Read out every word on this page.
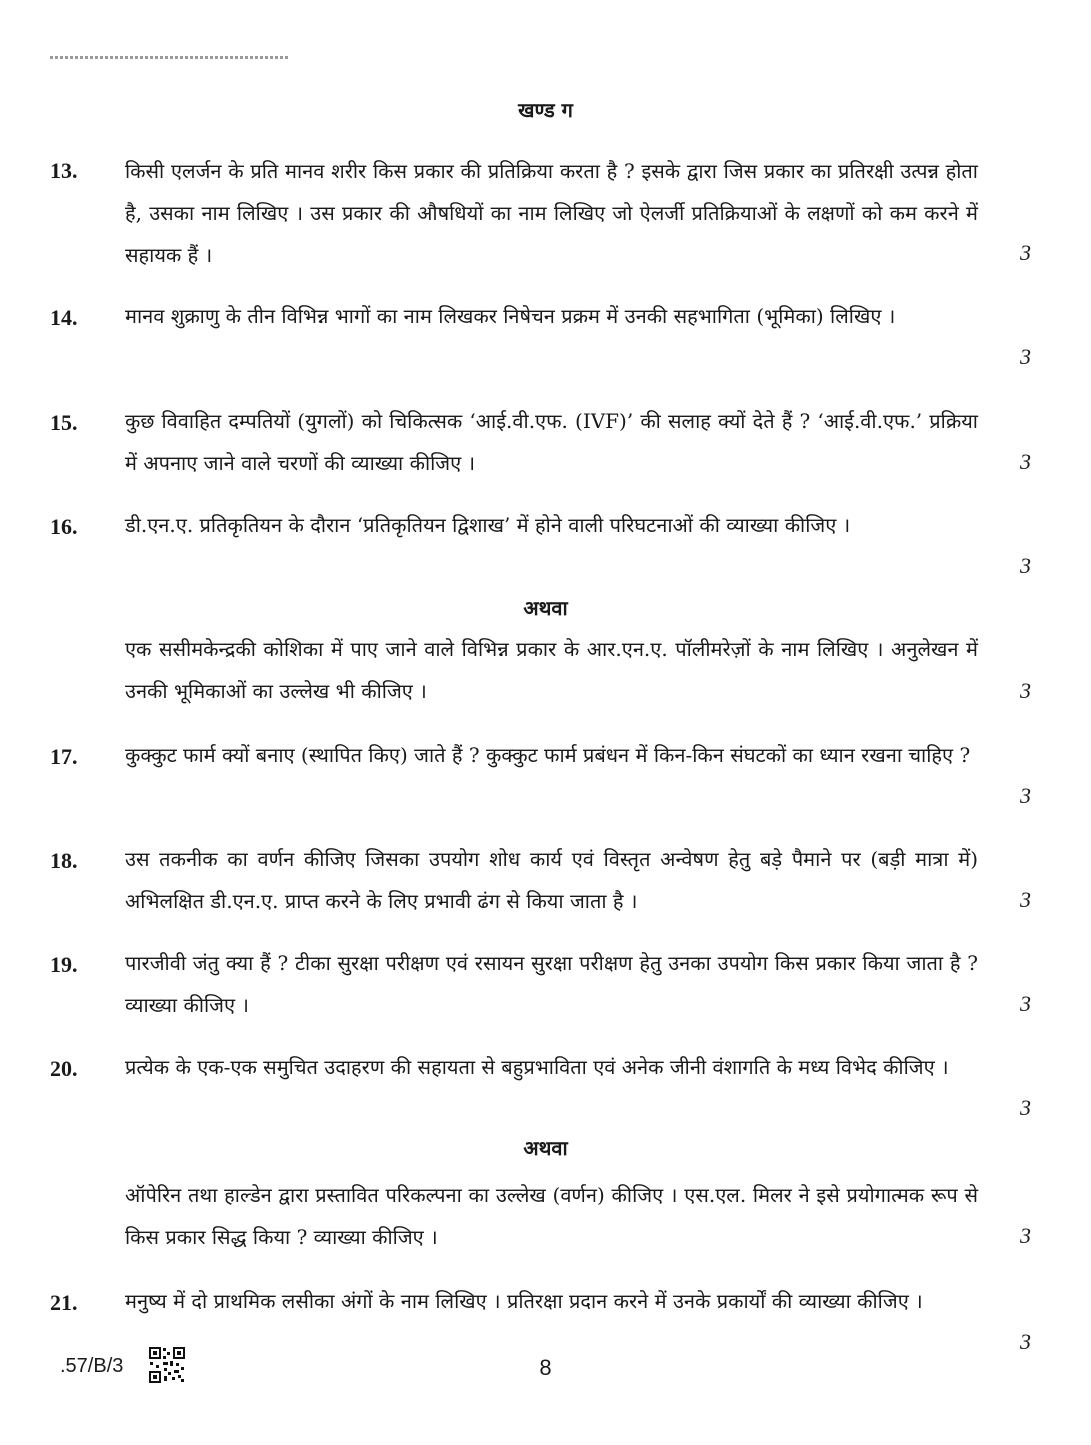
खण्ड ग
13. किसी एलर्जन के प्रति मानव शरीर किस प्रकार की प्रतिक्रिया करता है ? इसके द्वारा जिस प्रकार का प्रतिरक्षी उत्पन्न होता है, उसका नाम लिखिए । उस प्रकार की औषधियों का नाम लिखिए जो ऐलर्जी प्रतिक्रियाओं के लक्षणों को कम करने में सहायक हैं ।	3
14. मानव शुक्राणु के तीन विभिन्न भागों का नाम लिखकर निषेचन प्रक्रम में उनकी सहभागिता (भूमिका) लिखिए ।
3
15. कुछ विवाहित दम्पतियों (युगलों) को चिकित्सक ‘आई.वी.एफ. (IVF)’ की सलाह क्यों देते हैं ? ‘आई.वी.एफ.’ प्रक्रिया में अपनाए जाने वाले चरणों की व्याख्या कीजिए ।	3
16. डी.एन.ए. प्रतिकृतियन के दौरान ‘प्रतिकृतियन द्विशाख’ में होने वाली परिघटनाओं की व्याख्या कीजिए ।
3
अथवा
एक ससीमकेन्द्रकी कोशिका में पाए जाने वाले विभिन्न प्रकार के आर.एन.ए. पॉलीमरेज़ों के नाम लिखिए । अनुलेखन में उनकी भूमिकाओं का उल्लेख भी कीजिए ।	3
17. कुक्कुट फार्म क्यों बनाए (स्थापित किए) जाते हैं ? कुक्कुट फार्म प्रबंधन में किन-किन संघटकों का ध्यान रखना चाहिए ?
3
18. उस तकनीक का वर्णन कीजिए जिसका उपयोग शोध कार्य एवं विस्तृत अन्वेषण हेतु बड़े पैमाने पर (बड़ी मात्रा में) अभिलक्षित डी.एन.ए. प्राप्त करने के लिए प्रभावी ढंग से किया जाता है ।	3
19. पारजीवी जंतु क्या हैं ? टीका सुरक्षा परीक्षण एवं रसायन सुरक्षा परीक्षण हेतु उनका उपयोग किस प्रकार किया जाता है ? व्याख्या कीजिए ।	3
20. प्रत्येक के एक-एक समुचित उदाहरण की सहायता से बहुप्रभाविता एवं अनेक जीनी वंशागति के मध्य विभेद कीजिए ।
3
अथवा
ऑपेरिन तथा हाल्डेन द्वारा प्रस्तावित परिकल्पना का उल्लेख (वर्णन) कीजिए । एस.एल. मिलर ने इसे प्रयोगात्मक रूप से किस प्रकार सिद्ध किया ? व्याख्या कीजिए ।	3
21. मनुष्य में दो प्राथमिक लसीका अंगों के नाम लिखिए । प्रतिरक्षा प्रदान करने में उनके प्रकार्यों की व्याख्या कीजिए ।
3
.57/B/3	8
